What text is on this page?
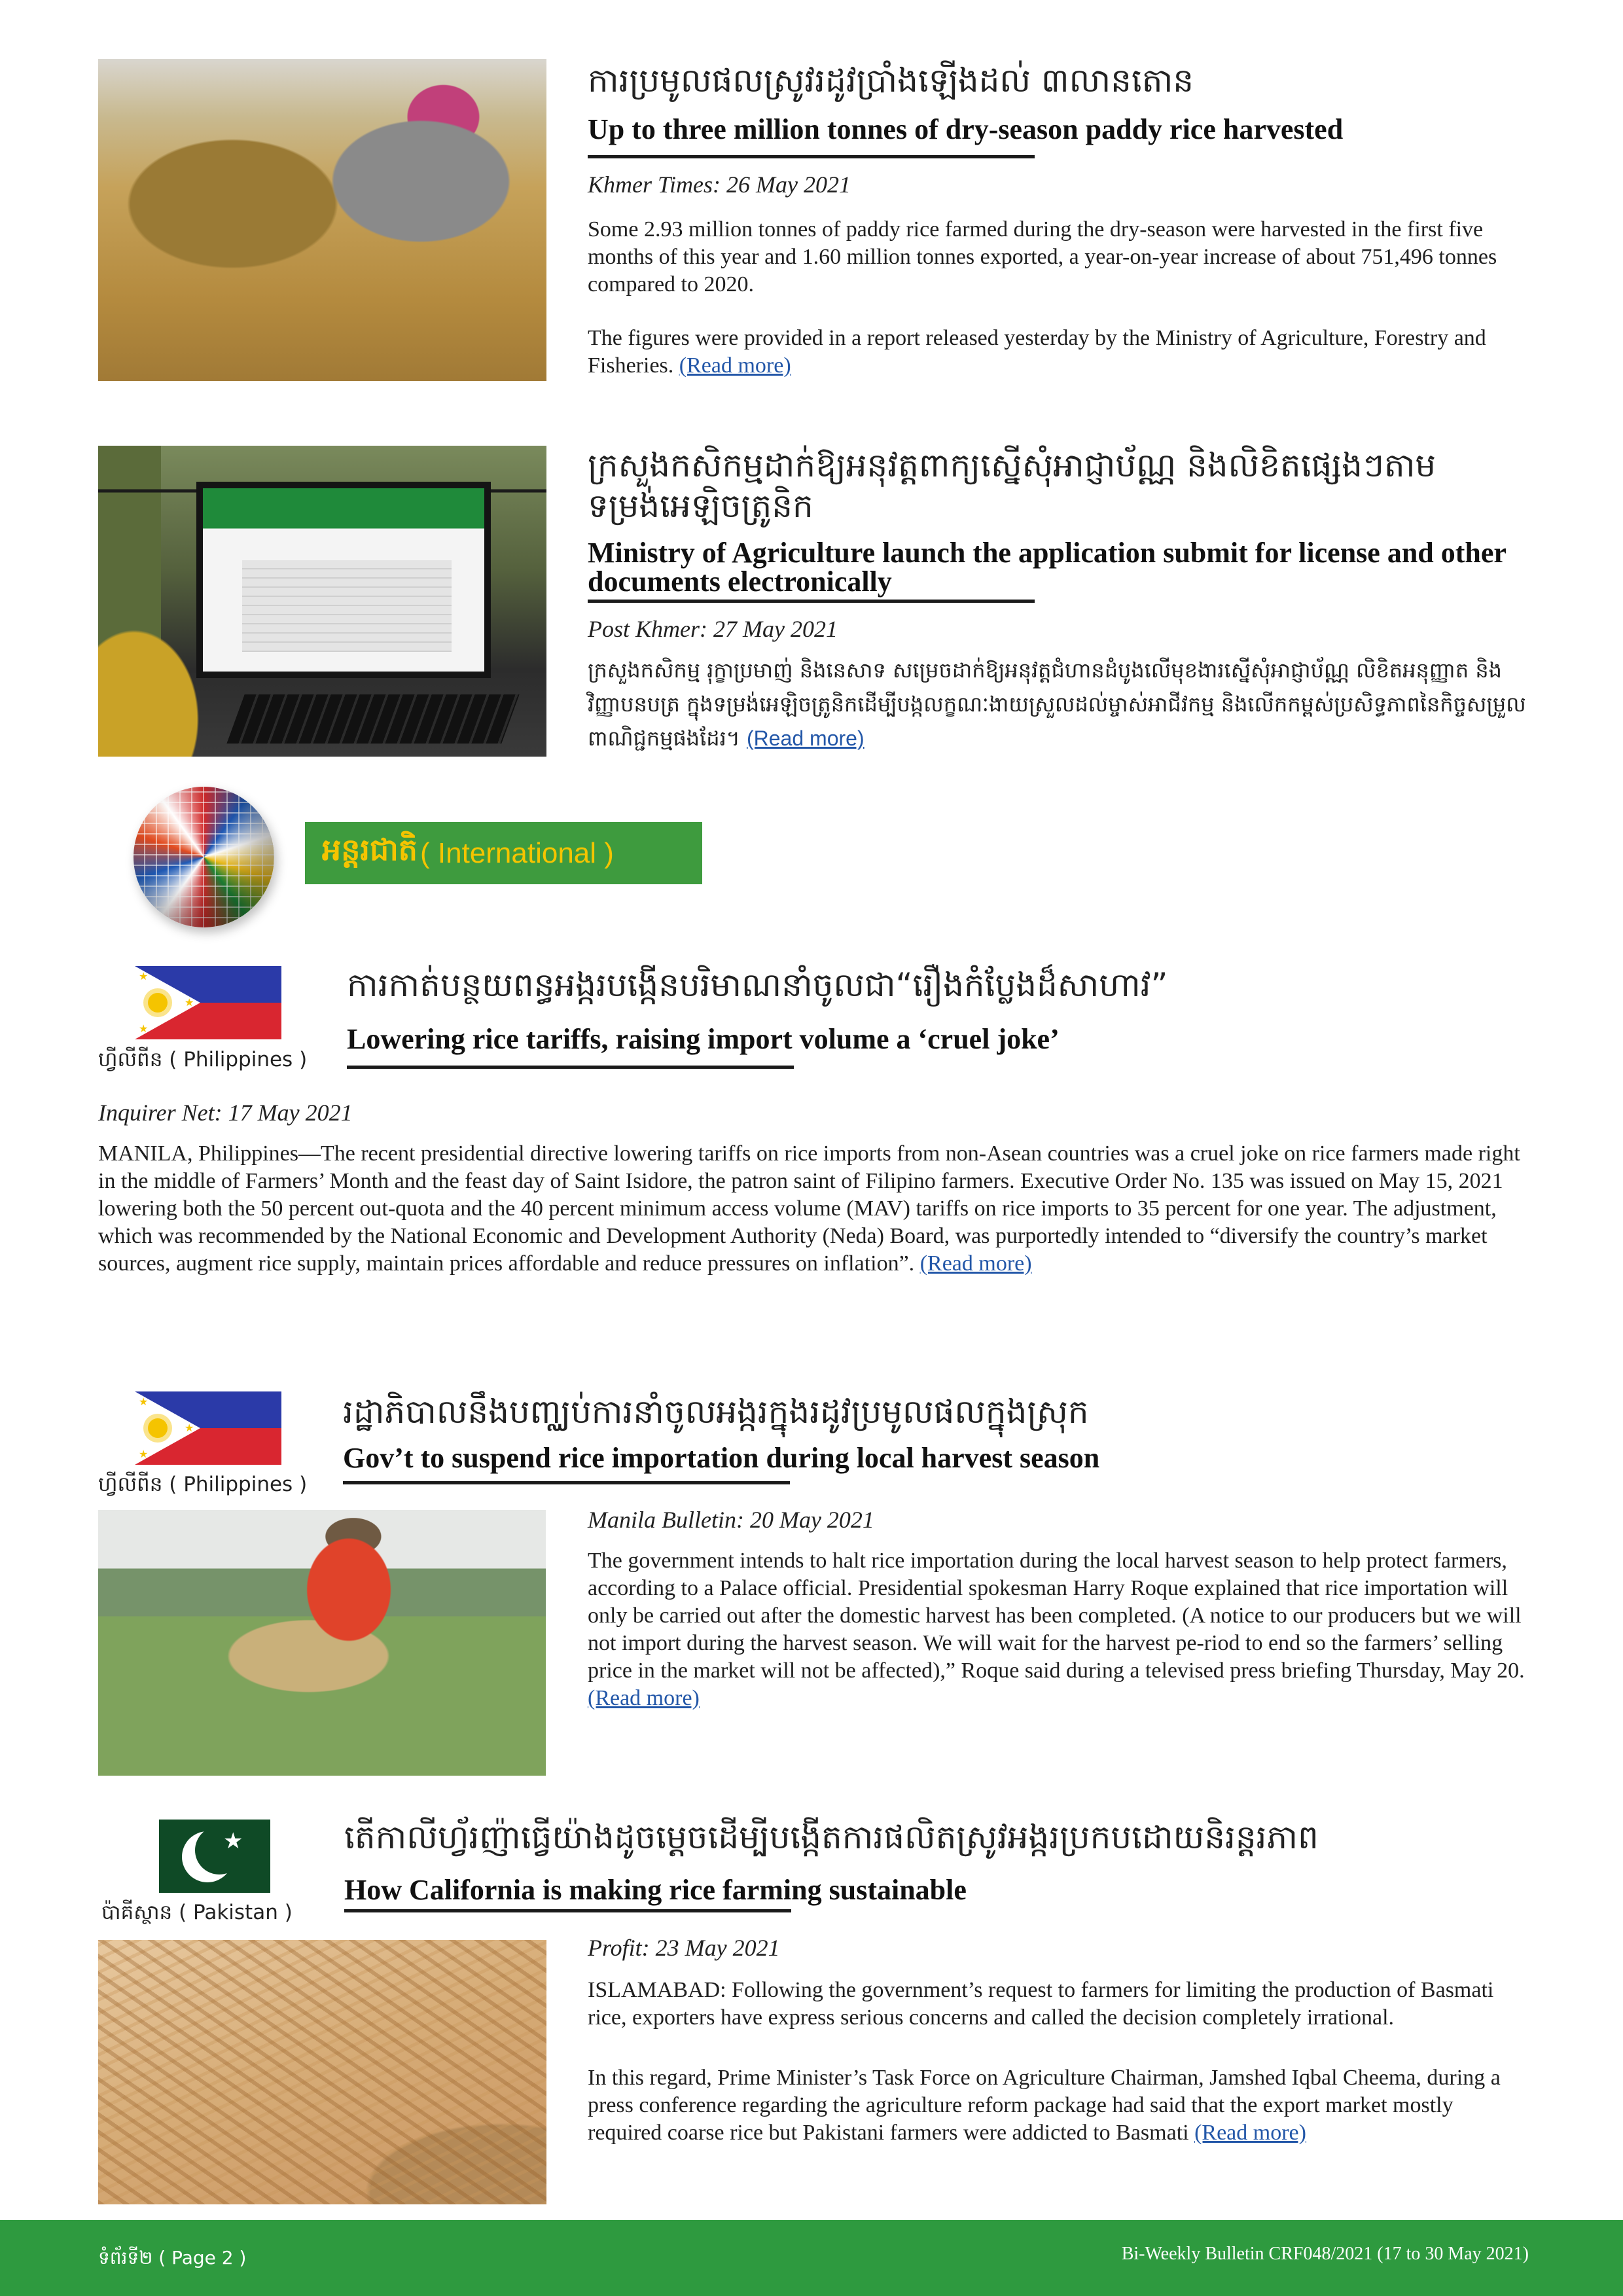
ការប្រមូលផលស្រូវរដូវប្រាំងឡើងដល់ ៣លានតោន
Up to three million tonnes of dry-season paddy rice harvested
Khmer Times: 26 May 2021

Some 2.93 million tonnes of paddy rice farmed during the dry-season were harvested in the first five months of this year and 1.60 million tonnes exported, a year-on-year increase of about 751,496 tonnes compared to 2020.

The figures were provided in a report released yesterday by the Ministry of Agriculture, Forestry and Fisheries. (Read more)

ក្រសួងកសិកម្មដាក់ឱ្យអនុវត្តពាក្យស្នើសុំអាជ្ញាប័ណ្ណ និងលិខិតផ្សេងៗតាមទម្រង់អេឡិចត្រូនិក
Ministry of Agriculture launch the application submit for license and other documents electronically
Post Khmer: 27 May 2021
ក្រសួងកសិកម្ម រុក្ខាប្រមាញ់ និងនេសាទ សម្រេចដាក់ឱ្យអនុវត្តជំហានដំបូងលើមុខងារស្នើសុំអាជ្ញាប័ណ្ណ លិខិតអនុញ្ញាត និងវិញ្ញាបនបត្រ ក្នុងទម្រង់អេឡិចត្រូនិកដើម្បីបង្កលក្ខណៈងាយស្រួលដល់ម្ចាស់អាជីវកម្ម និងលើកកម្ពស់ប្រសិទ្ធភាពនៃកិច្ចសម្រួលពាណិជ្ជកម្មផងដែរ។ (Read more)
អន្តរជាតិ ( International )
★
★
★
ហ្វីលីពីន ( Philippines )
ការកាត់បន្ថយពន្ធអង្ករបង្កើនបរិមាណនាំចូលជា“រឿងកំប្លែងដ៏សាហាវ”
Lowering rice tariffs, raising import volume a ‘cruel joke’
Inquirer Net: 17 May 2021
MANILA, Philippines—The recent presidential directive lowering tariffs on rice imports from non-Asean countries was a cruel joke on rice farmers made right in the middle of Farmers’ Month and the feast day of Saint Isidore, the patron saint of Filipino farmers. Executive Order No. 135 was issued on May 15, 2021 lowering both the 50 percent out-quota and the 40 percent minimum access volume (MAV) tariffs on rice imports to 35 percent for one year. The adjustment, which was recommended by the National Economic and Development Authority (Neda) Board, was purportedly intended to “diversify the country’s market sources, augment rice supply, maintain prices affordable and reduce pressures on inflation”. (Read more)
★
★
★
ហ្វីលីពីន ( Philippines )
រដ្ឋាភិបាលនឹងបញ្ឈប់ការនាំចូលអង្ករក្នុងរដូវប្រមូលផលក្នុងស្រុក
Gov’t to suspend rice importation during local harvest season
Manila Bulletin: 20 May 2021
The government intends to halt rice importation during the local harvest season to help protect farmers, according to a Palace official. Presidential spokesman Harry Roque explained that rice importation will only be carried out after the domestic harvest has been completed. (A notice to our producers but we will not import during the harvest season. We will wait for the harvest pe-riod to end so the farmers’ selling price in the market will not be affected),” Roque said during a televised press briefing Thursday, May 20. (Read more)
★
ប៉ាគីស្ថាន ( Pakistan )
តើកាលីហ្វ័រញ៉ាធ្វើយ៉ាងដូចម្ដេចដើម្បីបង្កើតការផលិតស្រូវអង្ករប្រកបដោយនិរន្តរភាព
How California is making rice farming sustainable
Profit: 23 May 2021

ISLAMABAD: Following the government’s request to farmers for limiting the production of Basmati rice, exporters have express serious concerns and called the decision completely irrational.

In this regard, Prime Minister’s Task Force on Agriculture Chairman, Jamshed Iqbal Cheema, during a press conference regarding the agriculture reform package had said that the export market mostly required coarse rice but Pakistani farmers were addicted to Basmati (Read more)

ទំព័រទី២ ( Page 2 )	Bi-Weekly Bulletin CRF048/2021 (17 to 30 May 2021)
